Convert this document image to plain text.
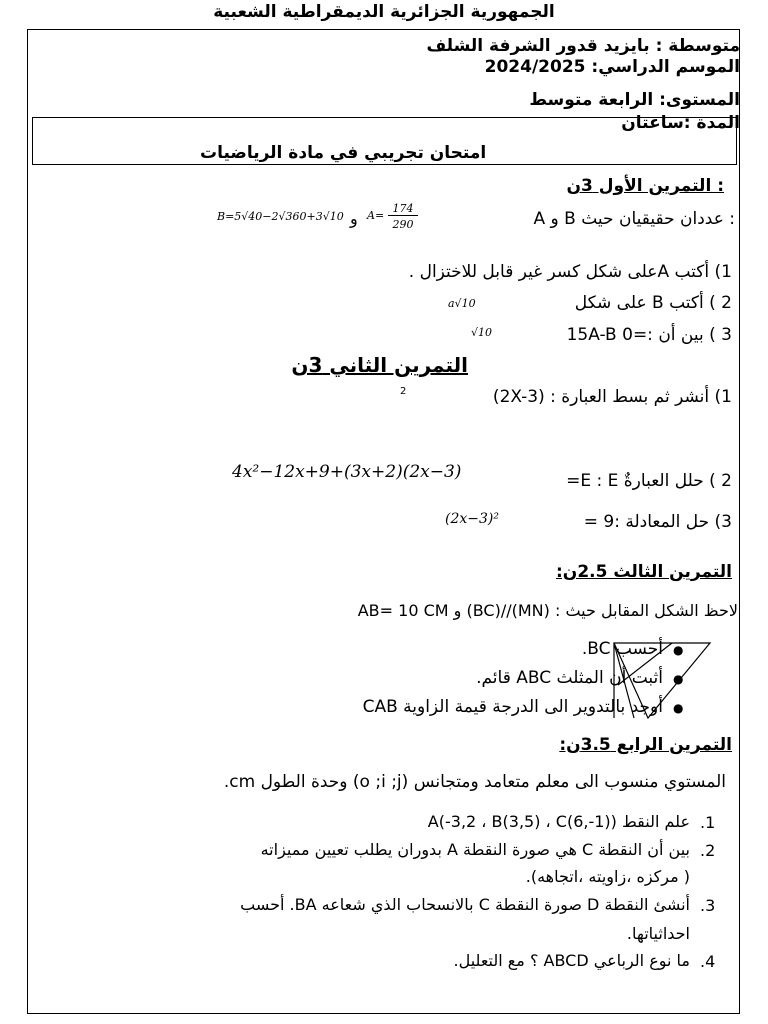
الجمهورية الجزائرية الديمقراطية الشعبية
متوسطة : بايزيد قدور الشرفة الشلف
الموسم الدراسي: 2024/2025
المستوى: الرابعة متوسط
المدة :ساعتان
امتحان تجريبي في مادة الرياضيات
: التمرين الأول 3ن
A و B عددان حقيقيان حيث :
A=
174
290
و
B=5√40−2√360+3√10
1) أكتب Aعلى شكل كسر غير قابل للاختزال .
2 ) أكتب B على شكل
a√10
3 ) بين أن :=0 15A-B
√10
التمرين الثاني 3ن
1) أنشر ثم بسط العبارة : (2X-3)
2
2 ) حلل العبارةٌ E : E=
4x²−12x+9+(3x+2)(2x−3)
3) حل المعادلة :9 =
(2x−3)²
التمرين الثالث 2.5ن:
لاحظ الشكل المقابل حيث : (MN)//(BC) و AB= 10 CM
●
أحسب BC.
●
أثبت أن المثلث ABC قائم.
●
أوجد بالتدوير الى الدرجة قيمة الزاوية CAB
التمرين الرابع 3.5ن:
المستوي منسوب الى معلم متعامد ومتجانس (o ;i ;j) وحدة الطول cm.
.1
علم النقط (A(-3,2 ، B(3,5) ، C(6,-1)
.2
بين أن النقطة C هي صورة النقطة A بدوران يطلب تعيين مميزاته
( مركزه ،زاويته ،اتجاهه).
.3
أنشئ النقطة D صورة النقطة C بالانسحاب الذي شعاعه BA. أحسب
احداثياتها.
.4
ما نوع الرباعي ABCD ؟ مع التعليل.
